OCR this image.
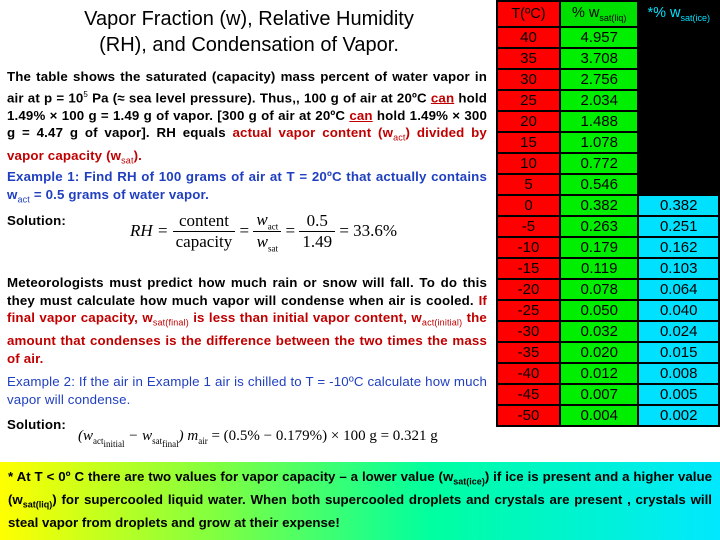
Vapor Fraction (w), Relative Humidity
(RH), and Condensation of Vapor.
The table shows the saturated (capacity) mass percent of water vapor in air at $p = 10^5$ Pa (≈ sea level pressure). Thus,, 100 g of air at 20ºC can hold 1.49% × 100 g = 1.49 g of vapor. [300 g of air at 20ºC can hold 1.49% × 300 g = 4.47 g of vapor]. RH equals actual vapor content $(w_{act})$ divided by vapor capacity $(w_{sat})$.
Example 1: Find RH of 100 grams of air at T = 20ºC that actually contains $w_{act} = 0.5$ grams of water vapor.
Solution:
RH = $\frac{\text{content}}{\text{capacity}} = \frac{w_{act}}{w_{sat}} = \frac{0.5}{1.49} = 33.6\%$
Meteorologists must predict how much rain or snow will fall. To do this they must calculate how much vapor will condense when air is cooled. If final vapor capacity, $w_{sat(final)}$ is less than initial vapor content, $w_{act(initial)}$ the amount that condenses is the difference between the two times the mass of air.
Example 2: If the air in Example 1 air is chilled to T = -10ºC calculate how much vapor will condense.
Solution:
$(w_{act_{initial}} - w_{sat_{final}}) m_{air} = (0.5\% - 0.179\%) \times 100$ g = 0.321 g
T(ºC)	% $w_{sat(liq)}$	*% $w_{sat(ice)}$
40	4.957	
35	3.708	
30	2.756	
25	2.034	
20	1.488	
15	1.078	
10	0.772	
5	0.546	
0	0.382	0.382
-5	0.263	0.251
-10	0.179	0.162
-15	0.119	0.103
-20	0.078	0.064
-25	0.050	0.040
-30	0.032	0.024
-35	0.020	0.015
-40	0.012	0.008
-45	0.007	0.005
-50	0.004	0.002
* At T < 0º C there are two values for vapor capacity – a lower value $(w_{sat(ice)})$ if ice is present and a higher value $(w_{sat(liq)})$ for supercooled liquid water. When both supercooled droplets and crystals are present , crystals will steal vapor from droplets and grow at their expense!
